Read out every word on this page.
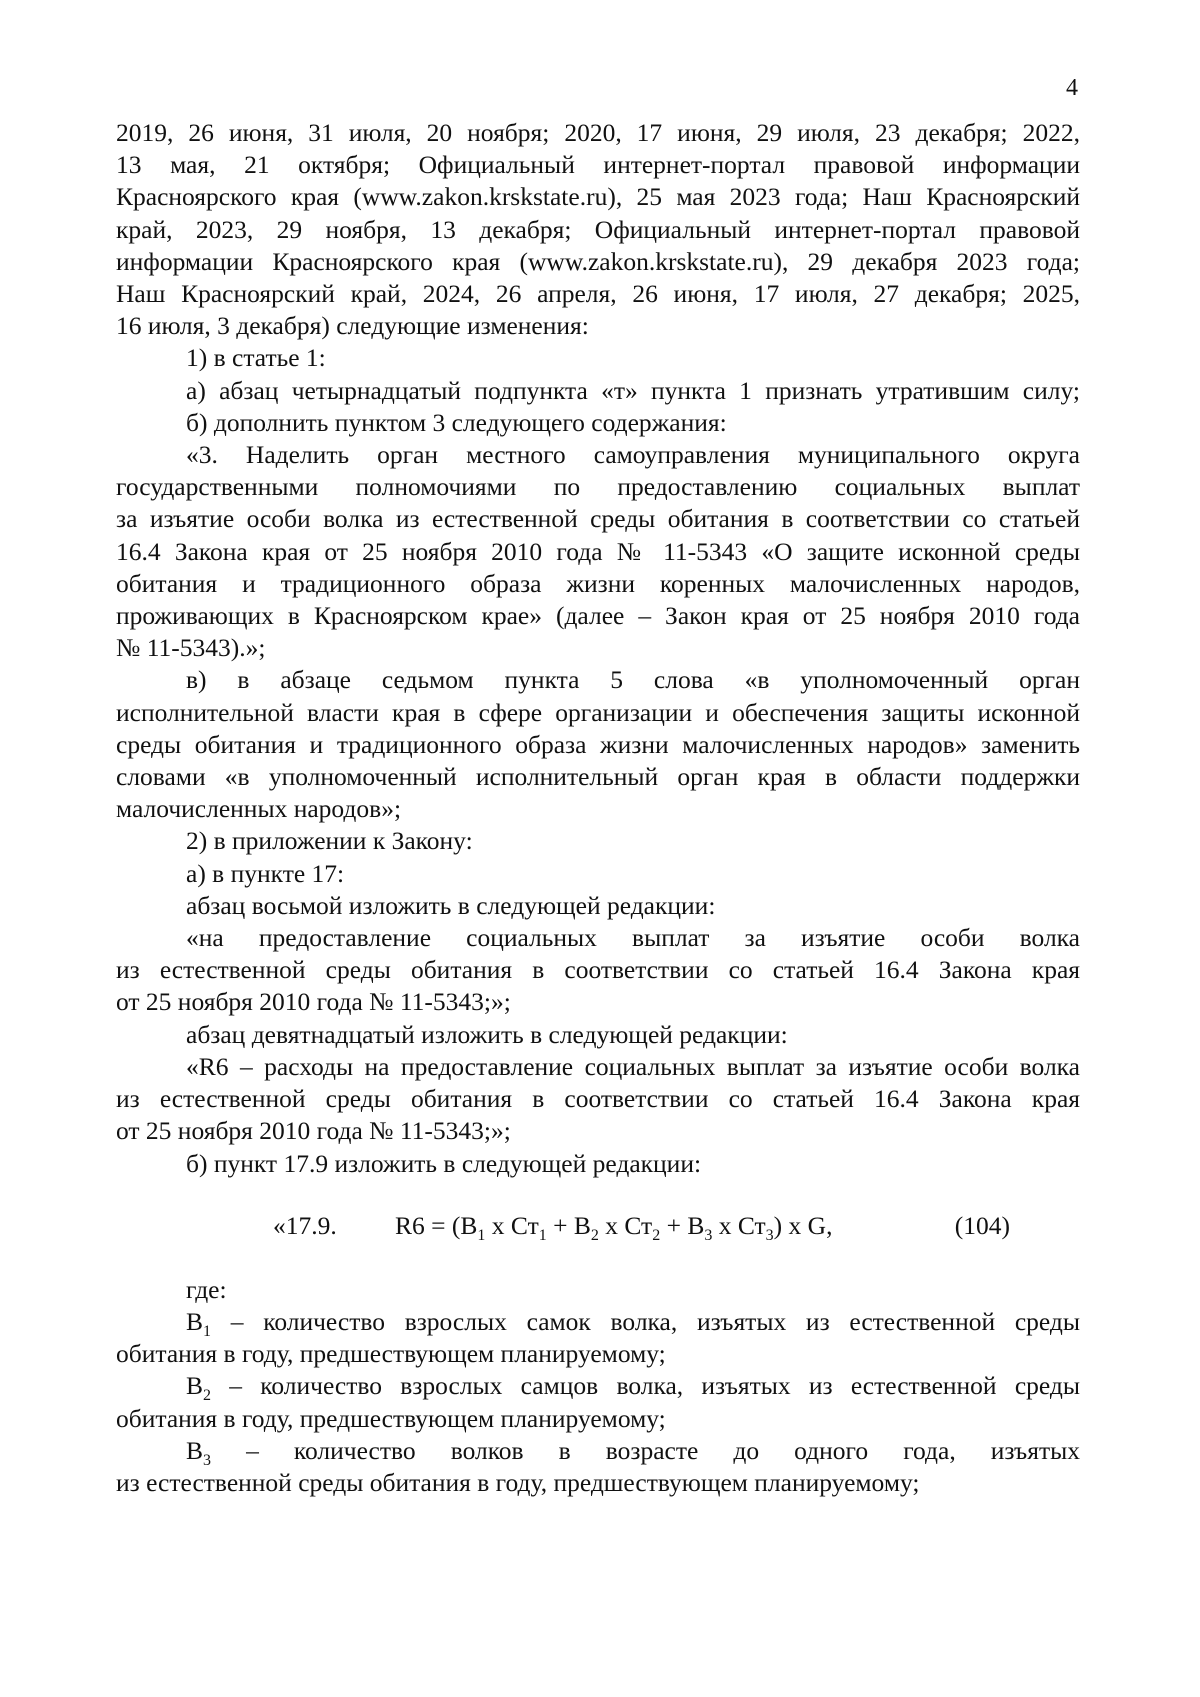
4

2019, 26 июня, 31 июля, 20 ноября; 2020, 17 июня, 29 июля, 23 декабря; 2022,

13 мая, 21 октября; Официальный интернет-портал правовой информации

Красноярского края (www.zakon.krskstate.ru), 25 мая 2023 года; Наш Красноярский

край, 2023, 29 ноября, 13 декабря; Официальный интернет-портал правовой

информации Красноярского края (www.zakon.krskstate.ru), 29 декабря 2023 года;

Наш Красноярский край, 2024, 26 апреля, 26 июня, 17 июля, 27 декабря; 2025,

16 июля, 3 декабря) следующие изменения:

1) в статье 1:

а) абзац четырнадцатый подпункта «т» пункта 1 признать утратившим силу;

б) дополнить пунктом 3 следующего содержания:

«3. Наделить орган местного самоуправления муниципального округа

государственными полномочиями по предоставлению социальных выплат

за изъятие особи волка из естественной среды обитания в соответствии со статьей

16.4 Закона края от 25 ноября 2010 года № 11-5343 «О защите исконной среды

обитания и традиционного образа жизни коренных малочисленных народов,

проживающих в Красноярском крае» (далее – Закон края от 25 ноября 2010 года

№ 11-5343).»;

в) в абзаце седьмом пункта 5 слова «в уполномоченный орган

исполнительной власти края в сфере организации и обеспечения защиты исконной

среды обитания и традиционного образа жизни малочисленных народов» заменить

словами «в уполномоченный исполнительный орган края в области поддержки

малочисленных народов»;

2) в приложении к Закону:

а) в пункте 17:

абзац восьмой изложить в следующей редакции:

«на предоставление социальных выплат за изъятие особи волка

из естественной среды обитания в соответствии со статьей 16.4 Закона края

от 25 ноября 2010 года № 11-5343;»;

абзац девятнадцатый изложить в следующей редакции:

«R6 – расходы на предоставление социальных выплат за изъятие особи волка

из естественной среды обитания в соответствии со статьей 16.4 Закона края

от 25 ноября 2010 года № 11-5343;»;

б) пункт 17.9 изложить в следующей редакции:

«17.9. $R6 = (В_1$ х $Ст_1 + В_2$ х $Ст_2 + В_3$ х $Ст_3$) х G,	(104)

где:

$В_1$ – количество взрослых самок волка, изъятых из естественной среды

обитания в году, предшествующем планируемому;

$В_2$ – количество взрослых самцов волка, изъятых из естественной среды

обитания в году, предшествующем планируемому;

$В_3$ – количество волков в возрасте до одного года, изъятых

из естественной среды обитания в году, предшествующем планируемому;
